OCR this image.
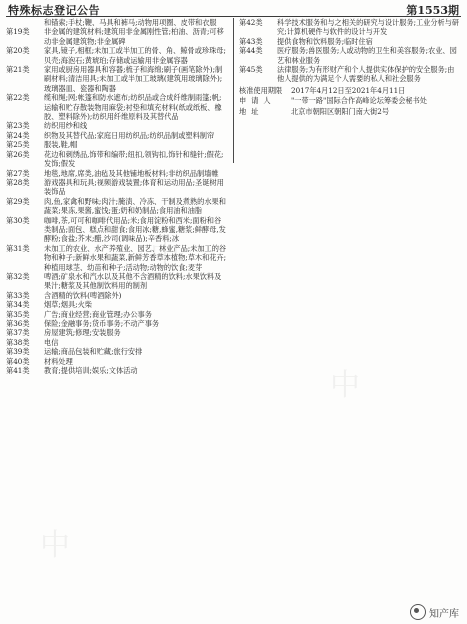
特殊标志登记公告	第1553期
和锚索;手杖;鞭、马具和裤马;动物用项圈、皮带和衣服
第19类	非金属的建筑材料;建筑用非金属刚性管;柏油、沥青;可移动非金属建筑物;非金属碑
第20类	家具,镜子,相框;未加工或半加工的骨、角、鲸骨或珍珠母;贝壳;海泡石;黄琥珀;存储或运输用非金属容器
第21类	家用或厨房用器具和容器;梳子和海绵;刷子(画笔除外);制刷材料;清洁用具;未加工或半加工玻璃(建筑用玻璃除外);玻璃器皿、瓷器和陶器
第22类	缆和绳;网;帐篷和防水遮布;纺织品或合成纤维制雨篷;帆;运输和贮存散装物用麻袋;衬垫和填充材料(纸或纸板、橡胶、塑料除外);纺织用纤维原料及其替代品
第23类	纺织用纱和线
第24类	织物及其替代品;家庭日用纺织品;纺织品制或塑料制帘
第25类	服装,鞋,帽
第26类	花边和刺绣品,饰带和编带;纽扣,领钩扣,饰针和缝针;假花;发饰;假发
第27类	地毯,地席,席类,油毡及其他铺地板材料;非纺织品制墙帷
第28类	游戏器具和玩具;视频游戏装置;体育和运动用品;圣诞树用装饰品
第29类	肉,鱼,家禽和野味;肉汁;腌渍、冷冻、干制及煮熟的水果和蔬菜;果冻,果酱,蜜饯;蛋;奶和奶制品;食用油和油脂
第30类	咖啡,茶,可可和咖啡代用品;米;食用淀粉和西米;面粉和谷类制品;面包、糕点和甜食;食用冰;糖,蜂蜜,糖浆;鲜酵母,发酵粉;食盐;芥末;醋,沙司(调味品);辛香料;冰
第31类	未加工的农业、水产养殖业、园艺、林业产品;未加工的谷物和种子;新鲜水果和蔬菜,新鲜芳香草本植物;草木和花卉;种植用球茎、幼苗和种子;活动物;动物的饮食;麦芽
第32类	啤酒;矿泉水和汽水以及其他不含酒精的饮料;水果饮料及果汁;糖浆及其他制饮料用的制剂
第33类	含酒精的饮料(啤酒除外)
第34类	烟草;烟具;火柴
第35类	广告;商业经营;商业管理;办公事务
第36类	保险;金融事务;货币事务;不动产事务
第37类	房屋建筑;修理;安装服务
第38类	电信
第39类	运输;商品包装和贮藏;旅行安排
第40类	材料处理
第41类	教育;提供培训;娱乐;文体活动
第42类	科学技术服务和与之相关的研究与设计服务;工业分析与研究;计算机硬件与软件的设计与开发
第43类	提供食物和饮料服务;临时住宿
第44类	医疗服务;兽医服务;人或动物的卫生和美容服务;农业、园艺和林业服务
第45类	法律服务;为有形财产和个人提供实体保护的安全服务;由他人提供的为满足个人需要的私人和社会服务
核准使用期限	2017年4月12日至2021年4月11日
申请人	"一带一路"国际合作高峰论坛筹委会秘书处
地址	北京市朝阳区朝阳门南大街2号
中
中
中
知产库
